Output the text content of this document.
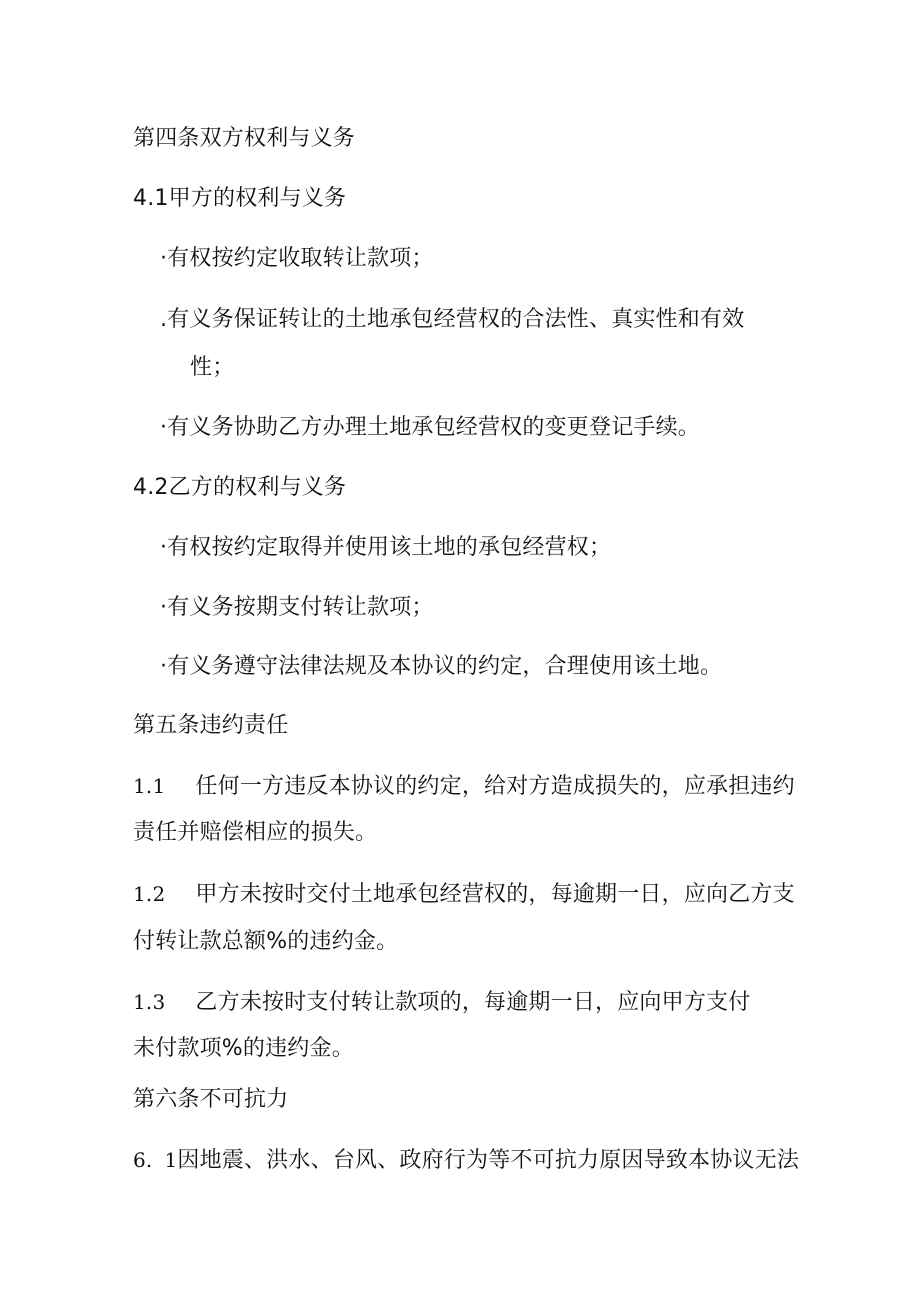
第四条双方权利与义务
4.1甲方的权利与义务
·有权按约定收取转让款项；
.有义务保证转让的土地承包经营权的合法性、真实性和有效
性；
·有义务协助乙方办理土地承包经营权的变更登记手续。
4.2乙方的权利与义务
·有权按约定取得并使用该土地的承包经营权；
·有义务按期支付转让款项；
·有义务遵守法律法规及本协议的约定，合理使用该土地。
第五条违约责任
1.1 任何一方违反本协议的约定，给对方造成损失的，应承担违约
责任并赔偿相应的损失。
1.2 甲方未按时交付土地承包经营权的，每逾期一日，应向乙方支
付转让款总额%的违约金。
1.3 乙方未按时支付转让款项的，每逾期一日，应向甲方支付
未付款项%的违约金。
第六条不可抗力
6. 1因地震、洪水、台风、政府行为等不可抗力原因导致本协议无法
